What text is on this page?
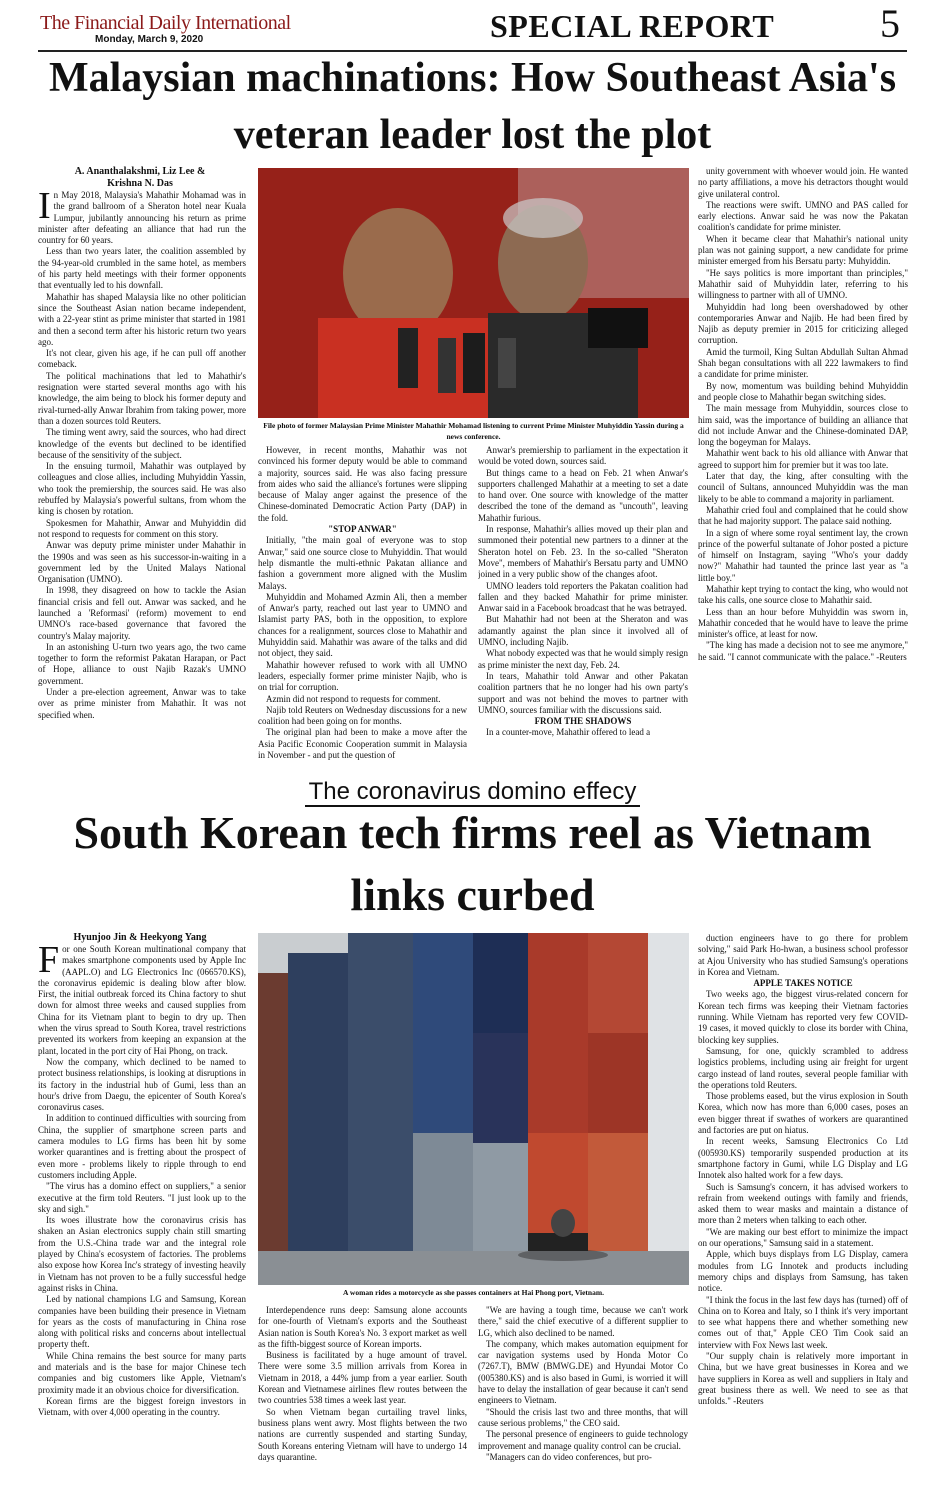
The Financial Daily International
Monday, March 9, 2020	SPECIAL REPORT	5
Malaysian machinations: How Southeast Asia's veteran leader lost the plot
A. Ananthalakshmi, Liz Lee &
Krishna N. Das
I n May 2018, Malaysia's Mahathir Mohamad was in the grand ballroom of a Sheraton hotel near Kuala Lumpur, jubilantly announcing his return as prime minister after defeating an alliance that had run the country for 60 years.

Less than two years later, the coalition assembled by the 94-year-old crumbled in the same hotel, as members of his party held meetings with their former opponents that eventually led to his downfall.

Mahathir has shaped Malaysia like no other politician since the Southeast Asian nation became independent, with a 22-year stint as prime minister that started in 1981 and then a second term after his historic return two years ago.

It's not clear, given his age, if he can pull off another comeback.

The political machinations that led to Mahathir's resignation were started several months ago with his knowledge, the aim being to block his former deputy and rival-turned-ally Anwar Ibrahim from taking power, more than a dozen sources told Reuters.

The timing went awry, said the sources, who had direct knowledge of the events but declined to be identified because of the sensitivity of the subject.

In the ensuing turmoil, Mahathir was outplayed by colleagues and close allies, including Muhyiddin Yassin, who took the premiership, the sources said. He was also rebuffed by Malaysia's powerful sultans, from whom the king is chosen by rotation.

Spokesmen for Mahathir, Anwar and Muhyiddin did not respond to requests for comment on this story.

Anwar was deputy prime minister under Mahathir in the 1990s and was seen as his successor-in-waiting in a government led by the United Malays National Organisation (UMNO).

In 1998, they disagreed on how to tackle the Asian financial crisis and fell out. Anwar was sacked, and he launched a 'Reformasi' (reform) movement to end UMNO's race-based governance that favored the country's Malay majority.

In an astonishing U-turn two years ago, the two came together to form the reformist Pakatan Harapan, or Pact of Hope, alliance to oust Najib Razak's UMNO government.

Under a pre-election agreement, Anwar was to take over as prime minister from Mahathir. It was not specified when.

File photo of former Malaysian Prime Minister Mahathir Mohamad listening to current Prime Minister Muhyiddin Yassin during a news conference.

However, in recent months, Mahathir was not convinced his former deputy would be able to command a majority, sources said. He was also facing pressure from aides who said the alliance's fortunes were slipping because of Malay anger against the presence of the Chinese-dominated Democratic Action Party (DAP) in the fold.

"STOP ANWAR"

Initially, "the main goal of everyone was to stop Anwar," said one source close to Muhyiddin. That would help dismantle the multi-ethnic Pakatan alliance and fashion a government more aligned with the Muslim Malays.

Muhyiddin and Mohamed Azmin Ali, then a member of Anwar's party, reached out last year to UMNO and Islamist party PAS, both in the opposition, to explore chances for a realignment, sources close to Mahathir and Muhyiddin said. Mahathir was aware of the talks and did not object, they said.

Mahathir however refused to work with all UMNO leaders, especially former prime minister Najib, who is on trial for corruption.

Azmin did not respond to requests for comment.

Najib told Reuters on Wednesday discussions for a new coalition had been going on for months.

The original plan had been to make a move after the Asia Pacific Economic Cooperation summit in Malaysia in November - and put the question of

Anwar's premiership to parliament in the expectation it would be voted down, sources said.

But things came to a head on Feb. 21 when Anwar's supporters challenged Mahathir at a meeting to set a date to hand over. One source with knowledge of the matter described the tone of the demand as "uncouth", leaving Mahathir furious.

In response, Mahathir's allies moved up their plan and summoned their potential new partners to a dinner at the Sheraton hotel on Feb. 23. In the so-called "Sheraton Move", members of Mahathir's Bersatu party and UMNO joined in a very public show of the changes afoot.

UMNO leaders told reporters the Pakatan coalition had fallen and they backed Mahathir for prime minister. Anwar said in a Facebook broadcast that he was betrayed.

But Mahathir had not been at the Sheraton and was adamantly against the plan since it involved all of UMNO, including Najib.

What nobody expected was that he would simply resign as prime minister the next day, Feb. 24.

In tears, Mahathir told Anwar and other Pakatan coalition partners that he no longer had his own party's support and was not behind the moves to partner with UMNO, sources familiar with the discussions said.

FROM THE SHADOWS

In a counter-move, Mahathir offered to lead a

unity government with whoever would join. He wanted no party affiliations, a move his detractors thought would give unilateral control.

The reactions were swift. UMNO and PAS called for early elections. Anwar said he was now the Pakatan coalition's candidate for prime minister.

When it became clear that Mahathir's national unity plan was not gaining support, a new candidate for prime minister emerged from his Bersatu party: Muhyiddin.

"He says politics is more important than principles," Mahathir said of Muhyiddin later, referring to his willingness to partner with all of UMNO.

Muhyiddin had long been overshadowed by other contemporaries Anwar and Najib. He had been fired by Najib as deputy premier in 2015 for criticizing alleged corruption.

Amid the turmoil, King Sultan Abdullah Sultan Ahmad Shah began consultations with all 222 lawmakers to find a candidate for prime minister.

By now, momentum was building behind Muhyiddin and people close to Mahathir began switching sides.

The main message from Muhyiddin, sources close to him said, was the importance of building an alliance that did not include Anwar and the Chinese-dominated DAP, long the bogeyman for Malays.

Mahathir went back to his old alliance with Anwar that agreed to support him for premier but it was too late.

Later that day, the king, after consulting with the council of Sultans, announced Muhyiddin was the man likely to be able to command a majority in parliament.

Mahathir cried foul and complained that he could show that he had majority support. The palace said nothing.

In a sign of where some royal sentiment lay, the crown prince of the powerful sultanate of Johor posted a picture of himself on Instagram, saying "Who's your daddy now?" Mahathir had taunted the prince last year as "a little boy."

Mahathir kept trying to contact the king, who would not take his calls, one source close to Mahathir said.

Less than an hour before Muhyiddin was sworn in, Mahathir conceded that he would have to leave the prime minister's office, at least for now.

"The king has made a decision not to see me anymore," he said. "I cannot communicate with the palace." -Reuters

The coronavirus domino effecy
South Korean tech firms reel as Vietnam links curbed
Hyunjoo Jin & Heekyong Yang
F or one South Korean multinational company that makes smartphone components used by Apple Inc (AAPL.O) and LG Electronics Inc (066570.KS), the coronavirus epidemic is dealing blow after blow. First, the initial outbreak forced its China factory to shut down for almost three weeks and caused supplies from China for its Vietnam plant to begin to dry up. Then when the virus spread to South Korea, travel restrictions prevented its workers from keeping an expansion at the plant, located in the port city of Hai Phong, on track.

Now the company, which declined to be named to protect business relationships, is looking at disruptions in its factory in the industrial hub of Gumi, less than an hour's drive from Daegu, the epicenter of South Korea's coronavirus cases.

In addition to continued difficulties with sourcing from China, the supplier of smartphone screen parts and camera modules to LG firms has been hit by some worker quarantines and is fretting about the prospect of even more - problems likely to ripple through to end customers including Apple.

"The virus has a domino effect on suppliers," a senior executive at the firm told Reuters. "I just look up to the sky and sigh."

Its woes illustrate how the coronavirus crisis has shaken an Asian electronics supply chain still smarting from the U.S.-China trade war and the integral role played by China's ecosystem of factories. The problems also expose how Korea Inc's strategy of investing heavily in Vietnam has not proven to be a fully successful hedge against risks in China.

Led by national champions LG and Samsung, Korean companies have been building their presence in Vietnam for years as the costs of manufacturing in China rose along with political risks and concerns about intellectual property theft.

While China remains the best source for many parts and materials and is the base for major Chinese tech companies and big customers like Apple, Vietnam's proximity made it an obvious choice for diversification.

Korean firms are the biggest foreign investors in Vietnam, with over 4,000 operating in the country.

A woman rides a motorcycle as she passes containers at Hai Phong port, Vietnam.

Interdependence runs deep: Samsung alone accounts for one-fourth of Vietnam's exports and the Southeast Asian nation is South Korea's No. 3 export market as well as the fifth-biggest source of Korean imports.

Business is facilitated by a huge amount of travel. There were some 3.5 million arrivals from Korea in Vietnam in 2018, a 44% jump from a year earlier. South Korean and Vietnamese airlines flew routes between the two countries 538 times a week last year.

So when Vietnam began curtailing travel links, business plans went awry. Most flights between the two nations are currently suspended and starting Sunday, South Koreans entering Vietnam will have to undergo 14 days quarantine.

"We are having a tough time, because we can't work there," said the chief executive of a different supplier to LG, which also declined to be named.

The company, which makes automation equipment for car navigation systems used by Honda Motor Co (7267.T), BMW (BMWG.DE) and Hyundai Motor Co (005380.KS) and is also based in Gumi, is worried it will have to delay the installation of gear because it can't send engineers to Vietnam.

"Should the crisis last two and three months, that will cause serious problems," the CEO said.

The personal presence of engineers to guide technology improvement and manage quality control can be crucial.

"Managers can do video conferences, but pro-

duction engineers have to go there for problem solving," said Park Ho-hwan, a business school professor at Ajou University who has studied Samsung's operations in Korea and Vietnam.

APPLE TAKES NOTICE

Two weeks ago, the biggest virus-related concern for Korean tech firms was keeping their Vietnam factories running. While Vietnam has reported very few COVID-19 cases, it moved quickly to close its border with China, blocking key supplies.

Samsung, for one, quickly scrambled to address logistics problems, including using air freight for urgent cargo instead of land routes, several people familiar with the operations told Reuters.

Those problems eased, but the virus explosion in South Korea, which now has more than 6,000 cases, poses an even bigger threat if swathes of workers are quarantined and factories are put on hiatus.

In recent weeks, Samsung Electronics Co Ltd (005930.KS) temporarily suspended production at its smartphone factory in Gumi, while LG Display and LG Innotek also halted work for a few days.

Such is Samsung's concern, it has advised workers to refrain from weekend outings with family and friends, asked them to wear masks and maintain a distance of more than 2 meters when talking to each other.

"We are making our best effort to minimize the impact on our operations," Samsung said in a statement.

Apple, which buys displays from LG Display, camera modules from LG Innotek and products including memory chips and displays from Samsung, has taken notice.

"I think the focus in the last few days has (turned) off of China on to Korea and Italy, so I think it's very important to see what happens there and whether something new comes out of that," Apple CEO Tim Cook said an interview with Fox News last week.

"Our supply chain is relatively more important in China, but we have great businesses in Korea and we have suppliers in Korea as well and suppliers in Italy and great business there as well. We need to see as that unfolds." -Reuters
